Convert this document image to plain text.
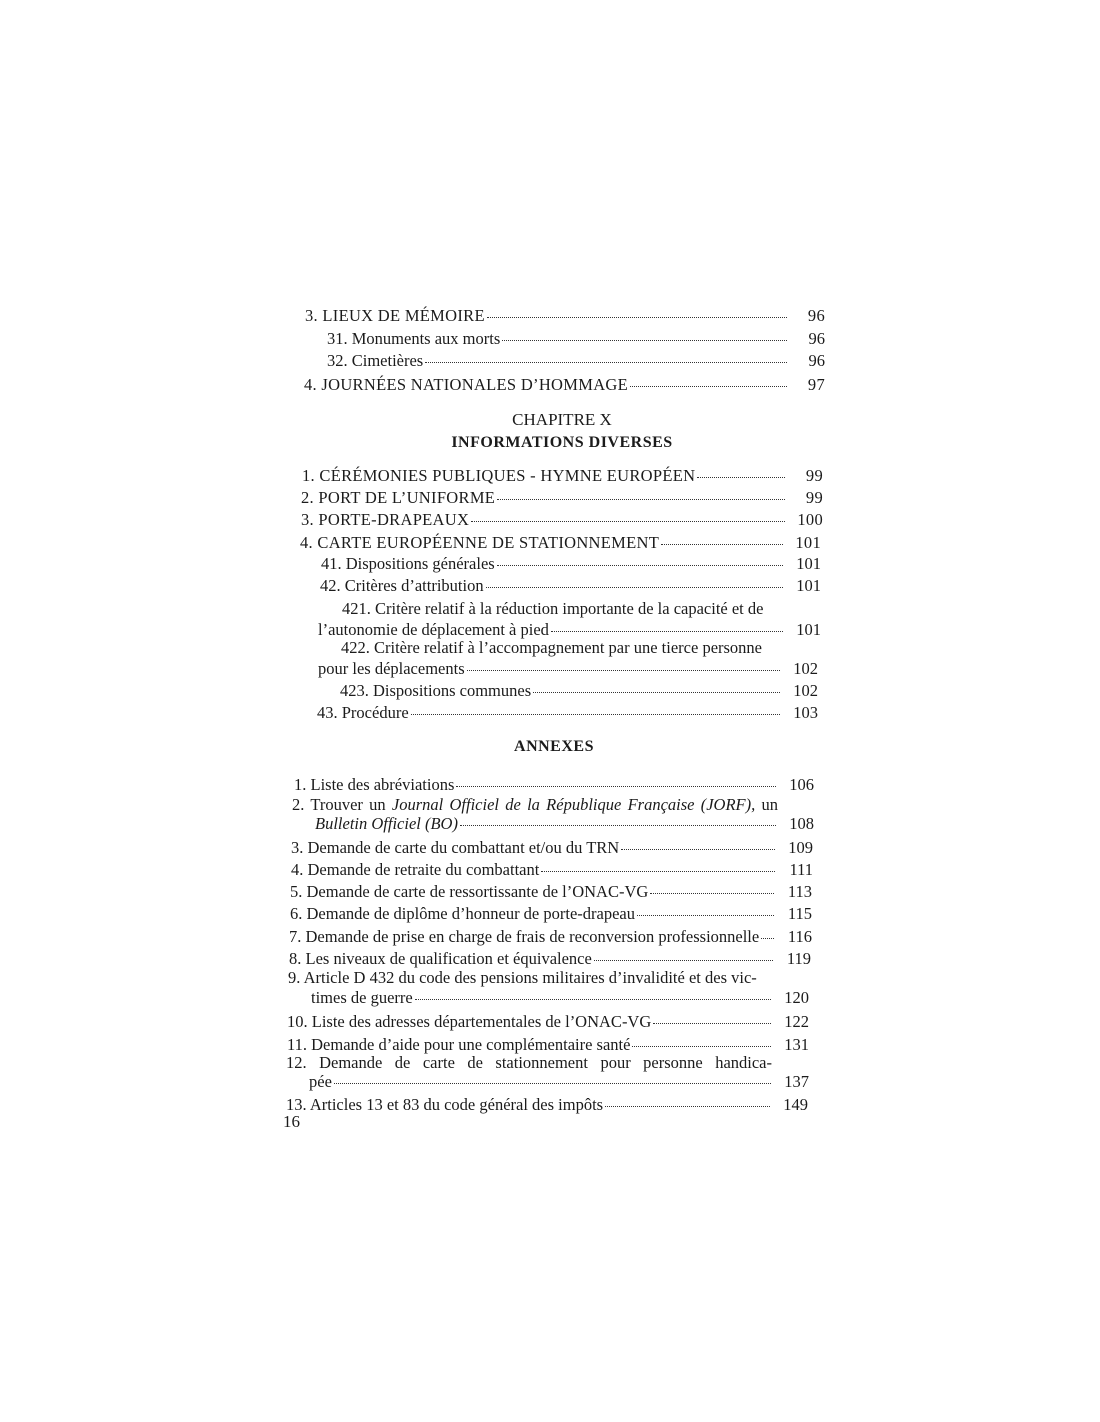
3. LIEUX DE MÉMOIRE	96
31. Monuments aux morts	96
32. Cimetières	96
4. JOURNÉES NATIONALES D’HOMMAGE	97
CHAPITRE X
INFORMATIONS DIVERSES
1. CÉRÉMONIES PUBLIQUES - HYMNE EUROPÉEN	99
2. PORT DE L’UNIFORME	99
3. PORTE-DRAPEAUX	100
4. CARTE EUROPÉENNE DE STATIONNEMENT	101
41. Dispositions générales	101
42. Critères d’attribution	101
421. Critère relatif à la réduction importante de la capacité et de
l’autonomie de déplacement à pied	101
422. Critère relatif à l’accompagnement par une tierce personne
pour les déplacements	102
423. Dispositions communes	102
43. Procédure	103
ANNEXES
1. Liste des abréviations	106
2. Trouver un Journal Officiel de la République Française (JORF), un
Bulletin Officiel (BO)	108
3. Demande de carte du combattant et/ou du TRN	109
4. Demande de retraite du combattant	111
5. Demande de carte de ressortissante de l’ONAC-VG	113
6. Demande de diplôme d’honneur de porte-drapeau	115
7. Demande de prise en charge de frais de reconversion professionnelle	116
8. Les niveaux de qualification et équivalence	119
9. Article D 432 du code des pensions militaires d’invalidité et des vic-
times de guerre	120
10. Liste des adresses départementales de l’ONAC-VG	122
11. Demande d’aide pour une complémentaire santé	131
12. Demande de carte de stationnement pour personne handica-
pée	137
13. Articles 13 et 83 du code général des impôts	149
16
